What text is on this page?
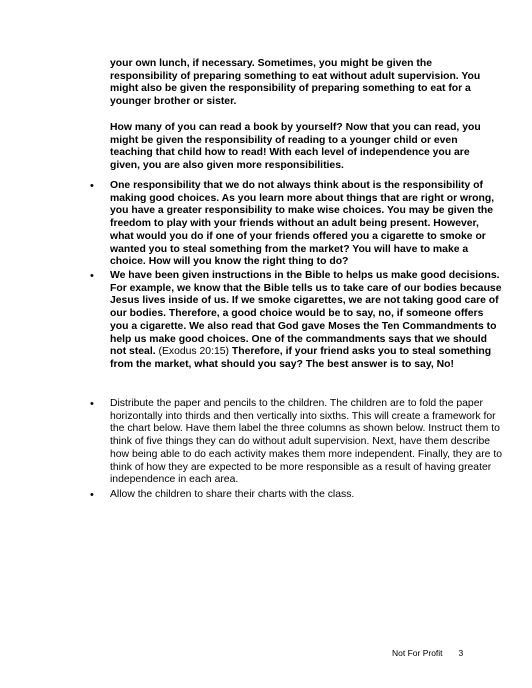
your own lunch, if necessary. Sometimes, you might be given the responsibility of preparing something to eat without adult supervision. You might also be given the responsibility of preparing something to eat for a younger brother or sister.

How many of you can read a book by yourself? Now that you can read, you might be given the responsibility of reading to a younger child or even teaching that child how to read! With each level of independence you are given, you are also given more responsibilities.

• One responsibility that we do not always think about is the responsibility of making good choices. As you learn more about things that are right or wrong, you have a greater responsibility to make wise choices. You may be given the freedom to play with your friends without an adult being present. However, what would you do if one of your friends offered you a cigarette to smoke or wanted you to steal something from the market? You will have to make a choice. How will you know the right thing to do?

• We have been given instructions in the Bible to helps us make good decisions. For example, we know that the Bible tells us to take care of our bodies because Jesus lives inside of us. If we smoke cigarettes, we are not taking good care of our bodies. Therefore, a good choice would be to say, no, if someone offers you a cigarette. We also read that God gave Moses the Ten Commandments to help us make good choices. One of the commandments says that we should not steal. (Exodus 20:15) Therefore, if your friend asks you to steal something from the market, what should you say? The best answer is to say, No!

• Distribute the paper and pencils to the children. The children are to fold the paper horizontally into thirds and then vertically into sixths. This will create a framework for the chart below. Have them label the three columns as shown below. Instruct them to think of five things they can do without adult supervision. Next, have them describe how being able to do each activity makes them more independent. Finally, they are to think of how they are expected to be more responsible as a result of having greater independence in each area.

• Allow the children to share their charts with the class.

Not For Profit 3
